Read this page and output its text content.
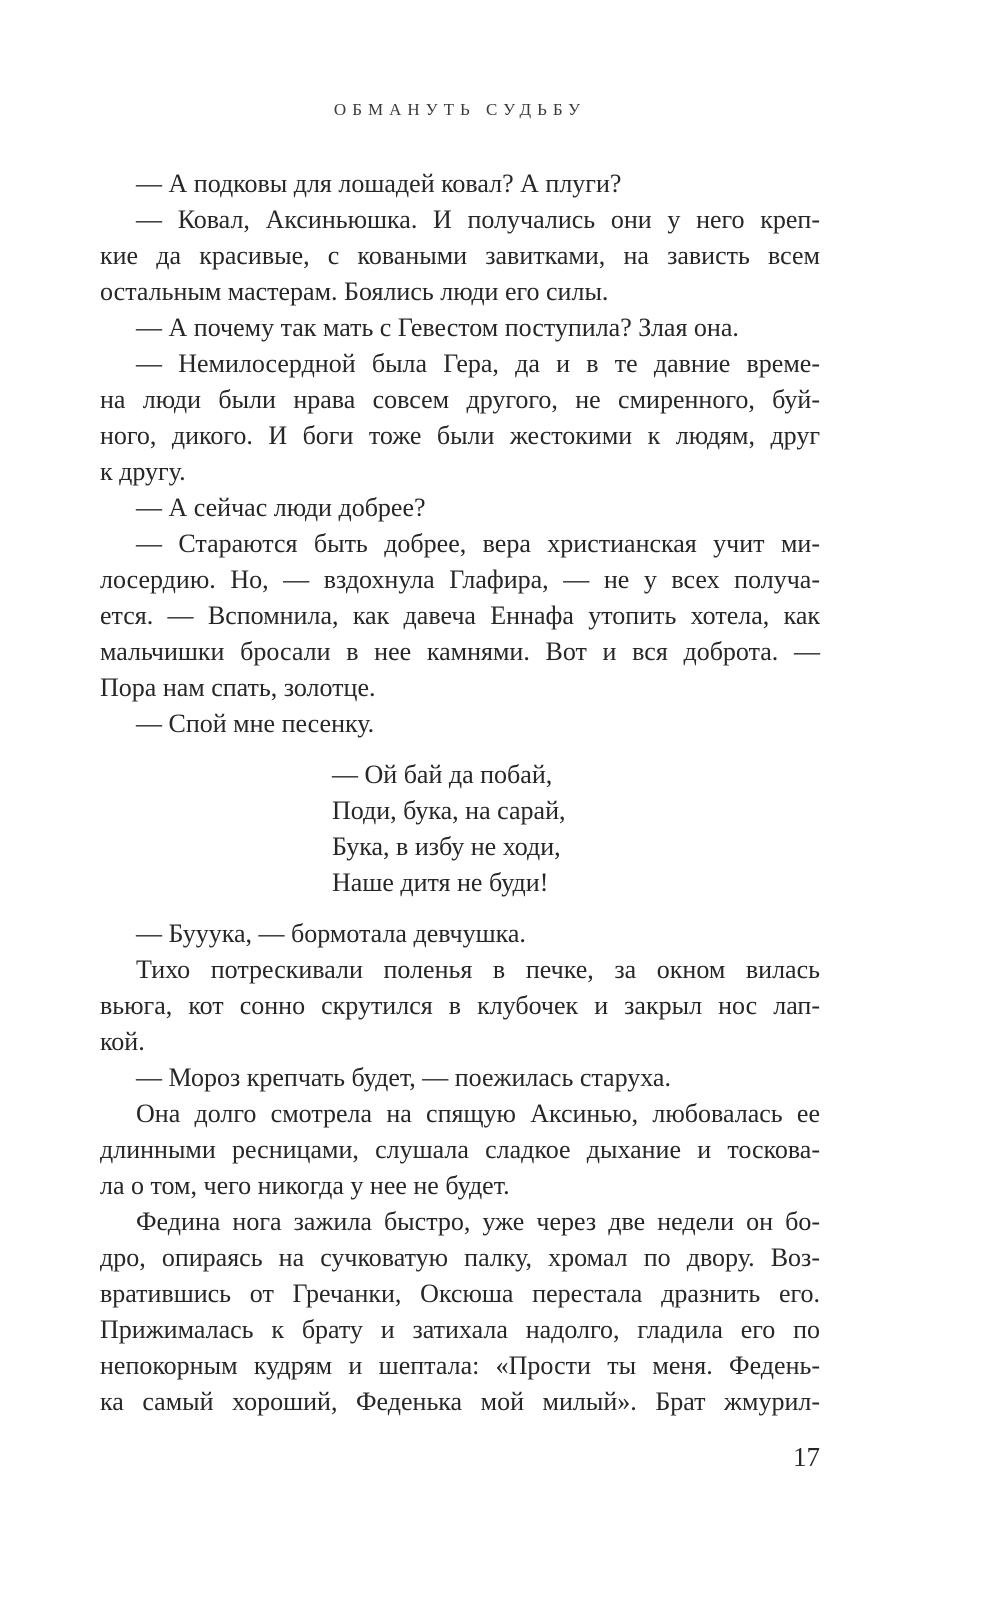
ОБМАНУТЬ СУДЬБУ
— А подковы для лошадей ковал? А плуги?
— Ковал, Аксиньюшка. И получались они у него креп-
кие да красивые, с коваными завитками, на зависть всем
остальным мастерам. Боялись люди его силы.
— А почему так мать с Гевестом поступила? Злая она.
— Немилосердной была Гера, да и в те давние време-
на люди были нрава совсем другого, не смиренного, буй-
ного, дикого. И боги тоже были жестокими к людям, друг
к другу.
— А сейчас люди добрее?
— Стараются быть добрее, вера христианская учит ми-
лосердию. Но, — вздохнула Глафира, — не у всех получа-
ется. — Вспомнила, как давеча Еннафа утопить хотела, как
мальчишки бросали в нее камнями. Вот и вся доброта. —
Пора нам спать, золотце.
— Спой мне песенку.
— Ой бай да побай,
Поди, бука, на сарай,
Бука, в избу не ходи,
Наше дитя не буди!
— Бууука, — бормотала девчушка.
Тихо потрескивали поленья в печке, за окном вилась
вьюга, кот сонно скрутился в клубочек и закрыл нос лап-
кой.
— Мороз крепчать будет, — поежилась старуха.
Она долго смотрела на спящую Аксинью, любовалась ее
длинными ресницами, слушала сладкое дыхание и тоскова-
ла о том, чего никогда у нее не будет.
Федина нога зажила быстро, уже через две недели он бо-
дро, опираясь на сучковатую палку, хромал по двору. Воз-
вратившись от Гречанки, Оксюша перестала дразнить его.
Прижималась к брату и затихала надолго, гладила его по
непокорным кудрям и шептала: «Прости ты меня. Федень-
ка самый хороший, Феденька мой милый». Брат жмурил-
17
